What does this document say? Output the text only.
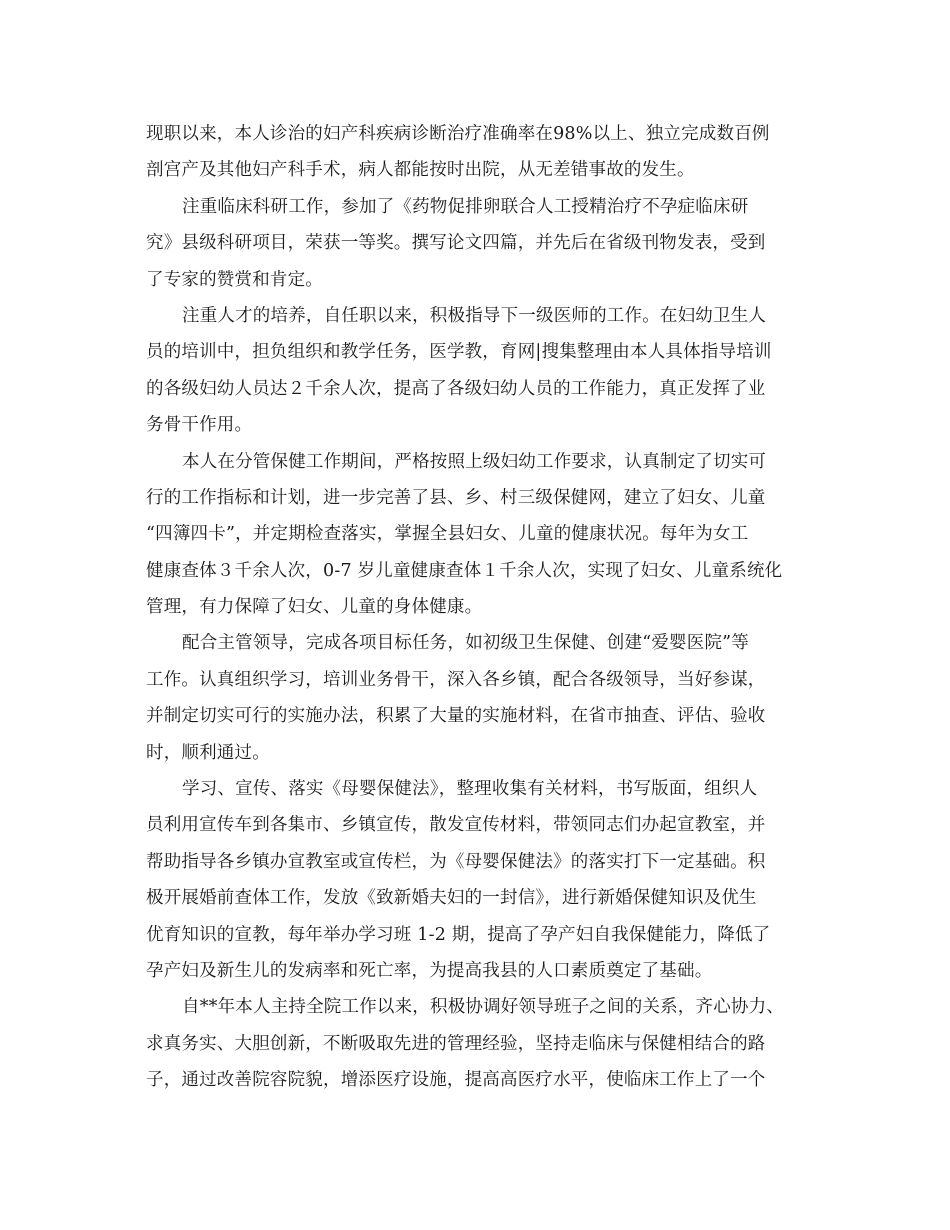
现职以来，本人诊治的妇产科疾病诊断治疗准确率在98%以上、独立完成数百例
剖宫产及其他妇产科手术，病人都能按时出院，从无差错事故的发生。
注重临床科研工作，参加了《药物促排卵联合人工授精治疗不孕症临床研
究》县级科研项目，荣获一等奖。撰写论文四篇，并先后在省级刊物发表，受到
了专家的赞赏和肯定。
注重人才的培养，自任职以来，积极指导下一级医师的工作。在妇幼卫生人
员的培训中，担负组织和教学任务，医学教，育网|搜集整理由本人具体指导培训
的各级妇幼人员达２千余人次，提高了各级妇幼人员的工作能力，真正发挥了业
务骨干作用。
本人在分管保健工作期间，严格按照上级妇幼工作要求，认真制定了切实可
行的工作指标和计划，进一步完善了县、乡、村三级保健网，建立了妇女、儿童
“四簿四卡”，并定期检查落实，掌握全县妇女、儿童的健康状况。每年为女工
健康查体３千余人次，0-7 岁儿童健康查体１千余人次，实现了妇女、儿童系统化
管理，有力保障了妇女、儿童的身体健康。
配合主管领导，完成各项目标任务，如初级卫生保健、创建“爱婴医院”等
工作。认真组织学习，培训业务骨干，深入各乡镇，配合各级领导，当好参谋，
并制定切实可行的实施办法，积累了大量的实施材料，在省市抽查、评估、验收
时，顺利通过。
学习、宣传、落实《母婴保健法》，整理收集有关材料，书写版面，组织人
员利用宣传车到各集市、乡镇宣传，散发宣传材料，带领同志们办起宣教室，并
帮助指导各乡镇办宣教室或宣传栏，为《母婴保健法》的落实打下一定基础。积
极开展婚前查体工作，发放《致新婚夫妇的一封信》，进行新婚保健知识及优生
优育知识的宣教，每年举办学习班 1-2 期，提高了孕产妇自我保健能力，降低了
孕产妇及新生儿的发病率和死亡率，为提高我县的人口素质奠定了基础。
自**年本人主持全院工作以来，积极协调好领导班子之间的关系，齐心协力、
求真务实、大胆创新，不断吸取先进的管理经验，坚持走临床与保健相结合的路
子，通过改善院容院貌，增添医疗设施，提高高医疗水平，使临床工作上了一个
